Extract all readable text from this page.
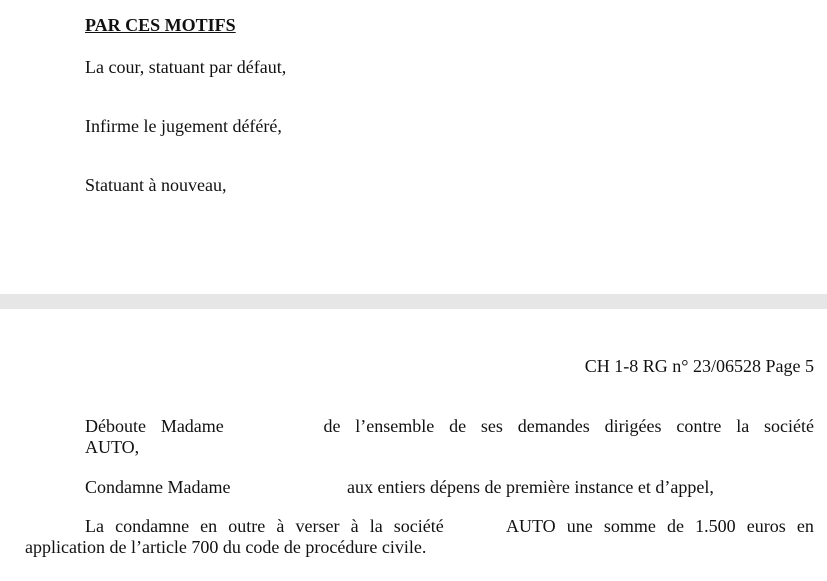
PAR CES MOTIFS
La cour, statuant par défaut,
Infirme le jugement déféré,
Statuant à nouveau,
CH 1-8 RG n° 23/06528 Page 5
Déboute Madame	de l’ensemble de ses demandes dirigées contre la société
AUTO,
Condamne Madame	aux entiers dépens de première instance et d’appel,
La condamne en outre à verser à la société	AUTO une somme de 1.500 euros en
application de l’article 700 du code de procédure civile.
